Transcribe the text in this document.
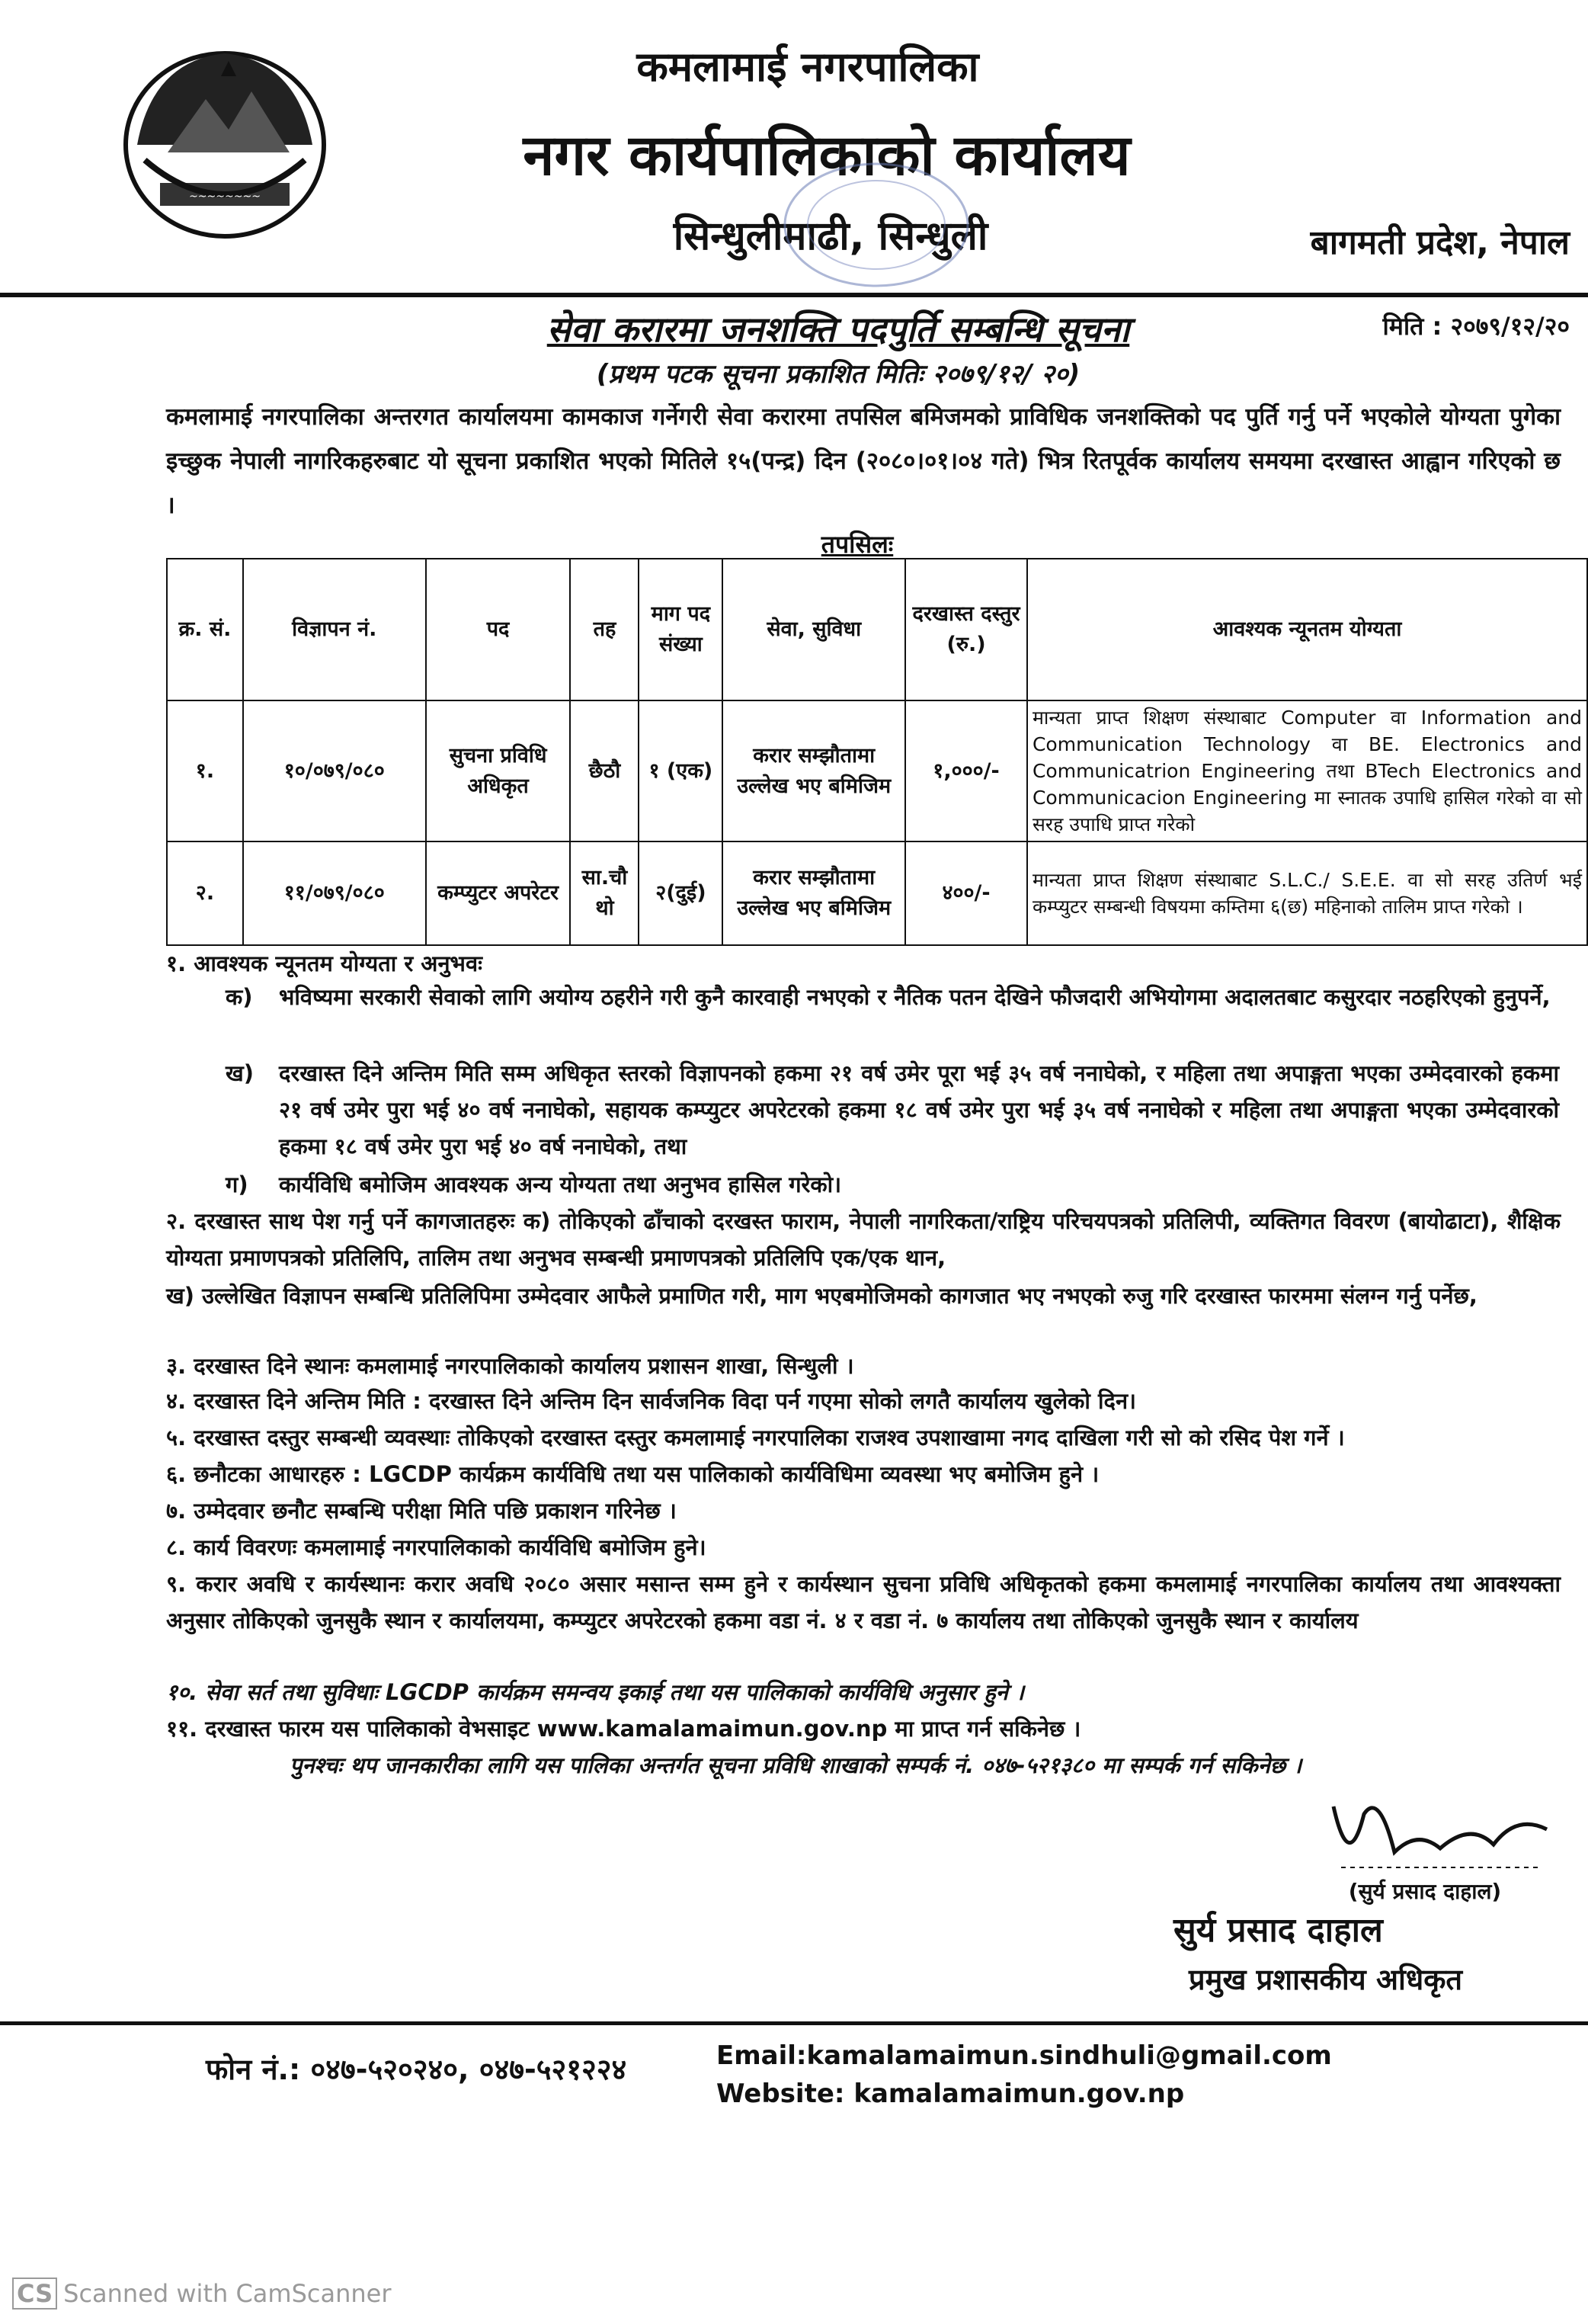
~~~~~~~~
कमलामाई नगरपालिका
नगर कार्यपालिकाको कार्यालय
सिन्धुलीमाढी, सिन्धुली	बागमती प्रदेश, नेपाल
सेवा करारमा जनशक्ति पदपुर्ति सम्बन्धि सूचना	मिति : २०७९/१२/२०
(प्रथम पटक सूचना प्रकाशित मितिः २०७९/१२/ २०)
कमलामाई नगरपालिका अन्तरगत कार्यालयमा कामकाज गर्नेगरी सेवा करारमा तपसिल बमिजमको प्राविधिक जनशक्तिको पद पुर्ति गर्नु पर्ने भएकोले योग्यता पुगेका इच्छुक नेपाली नागरिकहरुबाट यो सूचना प्रकाशित भएको मितिले १५(पन्द्र) दिन (२०८०।०१।०४ गते) भित्र रितपूर्वक कार्यालय समयमा दरखास्त आह्वान गरिएको छ ।
तपसिलः
क्र. सं.	विज्ञापन नं.	पद	तह	माग पद संख्या	सेवा, सुविधा	दरखास्त दस्तुर (रु.)	आवश्यक न्यूनतम योग्यता
१.	१०/०७९/०८०	सुचना प्रविधि अधिकृत	छैठौ	१ (एक)	करार सम्झौतामा उल्लेख भए बमिजिम	१,०००/-	मान्यता प्राप्त शिक्षण संस्थाबाट Computer वा Information and Communication Technology वा BE. Electronics and Communicatrion Engineering तथा BTech Electronics and Communicacion Engineering मा स्नातक उपाधि हासिल गरेको वा सो सरह उपाधि प्राप्त गरेको
२.	११/०७९/०८०	कम्प्युटर अपरेटर	सा.चौ थो	२(दुई)	करार सम्झौतामा उल्लेख भए बमिजिम	४००/-	मान्यता प्राप्त शिक्षण संस्थाबाट S.L.C./ S.E.E. वा सो सरह उतिर्ण भई कम्प्युटर सम्बन्धी विषयमा कम्तिमा ६(छ) महिनाको तालिम प्राप्त गरेको ।
१. आवश्यक न्यूनतम योग्यता र अनुभवः
क)	भविष्यमा सरकारी सेवाको लागि अयोग्य ठहरीने गरी कुनै कारवाही नभएको र नैतिक पतन देखिने फौजदारी अभियोगमा अदालतबाट कसुरदार नठहरिएको हुनुपर्ने,
ख)	दरखास्त दिने अन्तिम मिति सम्म अधिकृत स्तरको विज्ञापनको हकमा २१ वर्ष उमेर पूरा भई ३५ वर्ष ननाघेको, र महिला तथा अपाङ्गता भएका उम्मेदवारको हकमा २१ वर्ष उमेर पुरा भई ४० वर्ष ननाघेको, सहायक कम्प्युटर अपरेटरको हकमा १८ वर्ष उमेर पुरा भई ३५ वर्ष ननाघेको र महिला तथा अपाङ्गता भएका उम्मेदवारको हकमा १८ वर्ष उमेर पुरा भई ४० वर्ष ननाघेको, तथा
ग)	कार्यविधि बमोजिम आवश्यक अन्य योग्यता तथा अनुभव हासिल गरेको।
२. दरखास्त साथ पेश गर्नु पर्ने कागजातहरुः क) तोकिएको ढाँचाको दरखस्त फाराम, नेपाली नागरिकता/राष्ट्रिय परिचयपत्रको प्रतिलिपी, व्यक्तिगत विवरण (बायोढाटा), शैक्षिक योग्यता प्रमाणपत्रको प्रतिलिपि, तालिम तथा अनुभव सम्बन्धी प्रमाणपत्रको प्रतिलिपि एक/एक थान,
ख) उल्लेखित विज्ञापन सम्बन्धि प्रतिलिपिमा उम्मेदवार आफैले प्रमाणित गरी, माग भएबमोजिमको कागजात भए नभएको रुजु गरि दरखास्त फारममा संलग्न गर्नु पर्नेछ,
३. दरखास्त दिने स्थानः कमलामाई नगरपालिकाको कार्यालय प्रशासन शाखा, सिन्धुली ।
४. दरखास्त दिने अन्तिम मिति : दरखास्त दिने अन्तिम दिन सार्वजनिक विदा पर्न गएमा सोको लगतै कार्यालय खुलेको दिन।
५. दरखास्त दस्तुर सम्बन्धी व्यवस्थाः तोकिएको दरखास्त दस्तुर कमलामाई नगरपालिका राजश्व उपशाखामा नगद दाखिला गरी सो को रसिद पेश गर्ने ।
६. छनौटका आधारहरु : LGCDP कार्यक्रम कार्यविधि तथा यस पालिकाको कार्यविधिमा व्यवस्था भए बमोजिम हुने ।
७. उम्मेदवार छनौट सम्बन्धि परीक्षा मिति पछि प्रकाशन गरिनेछ ।
८. कार्य विवरणः कमलामाई नगरपालिकाको कार्यविधि बमोजिम हुने।
९. करार अवधि र कार्यस्थानः करार अवधि २०८० असार मसान्त सम्म हुने र कार्यस्थान सुचना प्रविधि अधिकृतको हकमा कमलामाई नगरपालिका कार्यालय तथा आवश्यक्ता अनुसार तोकिएको जुनसुकै स्थान र कार्यालयमा, कम्प्युटर अपरेटरको हकमा वडा नं. ४ र वडा नं. ७ कार्यालय तथा तोकिएको जुनसुकै स्थान र कार्यालय
१०. सेवा सर्त तथा सुविधाः LGCDP कार्यक्रम समन्वय इकाई तथा यस पालिकाको कार्यविधि अनुसार हुने ।
११. दरखास्त फारम यस पालिकाको वेभसाइट www.kamalamaimun.gov.np मा प्राप्त गर्न सकिनेछ ।
पुनश्चः थप जानकारीका लागि यस पालिका अन्तर्गत सूचना प्रविधि शाखाको सम्पर्क नं. ०४७-५२१३८० मा सम्पर्क गर्न सकिनेछ ।
(सुर्य प्रसाद दाहाल)
सुर्य प्रसाद दाहाल
प्रमुख प्रशासकीय अधिकृत
फोन नं.: ०४७-५२०२४०, ०४७-५२१२२४	Email:kamalamaimun.sindhuli@gmail.com
Website: kamalamaimun.gov.np
CS Scanned with CamScanner
